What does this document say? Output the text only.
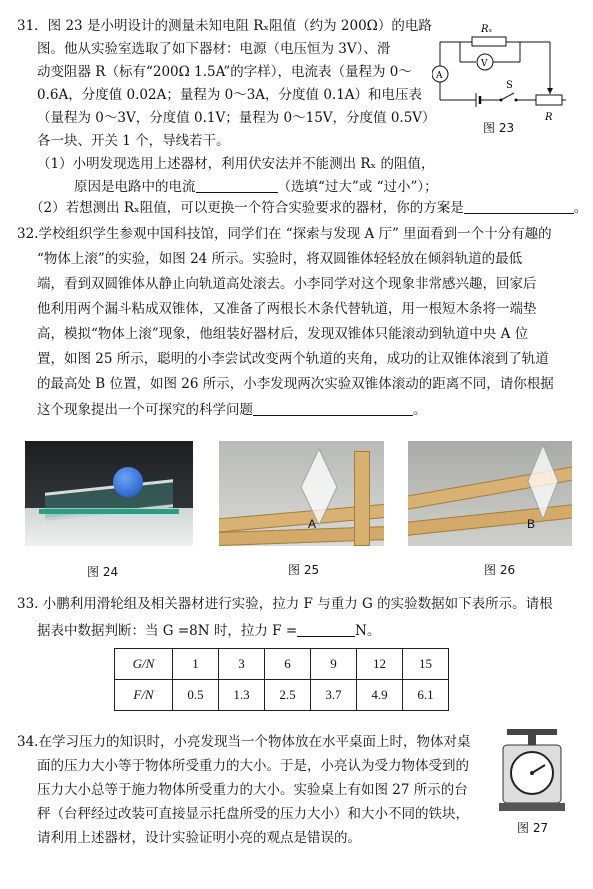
31．图 23 是小明设计的测量未知电阻 Rₓ阻值（约为 200Ω）的电路
图。他从实验室选取了如下器材：电源（电压恒为 3V）、滑
动变阻器 R（标有“200Ω 1.5A”的字样），电流表（量程为 0～
0.6A，分度值 0.02A；量程为 0～3A，分度值 0.1A）和电压表
（量程为 0～3V，分度值 0.1V；量程为 0～15V，分度值 0.5V）
各一块、开关 1 个，导线若干。
（1）小明发现选用上述器材，利用伏安法并不能测出 Rₓ 的阻值，
原因是电路中的电流	（选填“过大”或 “过小”）；
（2）若想测出 Rₓ阻值，可以更换一个符合实验要求的器材，你的方案是	。
Rₓ
V
A
S
R
图 23
32.学校组织学生参观中国科技馆，同学们在 “探索与发现 A 厅” 里面看到一个十分有趣的
“物体上滚”的实验，如图 24 所示。实验时，将双圆锥体轻轻放在倾斜轨道的最低
端，看到双圆锥体从静止向轨道高处滚去。小李同学对这个现象非常感兴趣，回家后
他利用两个漏斗粘成双锥体，又准备了两根长木条代替轨道，用一根短木条将一端垫
高，模拟“物体上滚”现象，他组装好器材后，发现双锥体只能滚动到轨道中央 A 位
置，如图 25 所示，聪明的小李尝试改变两个轨道的夹角，成功的让双锥体滚到了轨道
的最高处 B 位置，如图 26 所示，小李发现两次实验双锥体滚动的距离不同，请你根据
这个现象提出一个可探究的科学问题	。
图 24
A
图 25
B
图 26
33. 小鹏利用滑轮组及相关器材进行实验，拉力 F 与重力 G 的实验数据如下表所示。请根
据表中数据判断：当 G =8N 时，拉力 F =	N。
G/N	1	3	6	9	12	15
F/N	0.5	1.3	2.5	3.7	4.9	6.1
34.在学习压力的知识时，小亮发现当一个物体放在水平桌面上时，物体对桌
面的压力大小等于物体所受重力的大小。于是，小亮认为受力物体受到的
压力大小总等于施力物体所受重力的大小。实验桌上有如图 27 所示的台
秤（台秤经过改装可直接显示托盘所受的压力大小）和大小不同的铁块，
请利用上述器材，设计实验证明小亮的观点是错误的。
图 27
